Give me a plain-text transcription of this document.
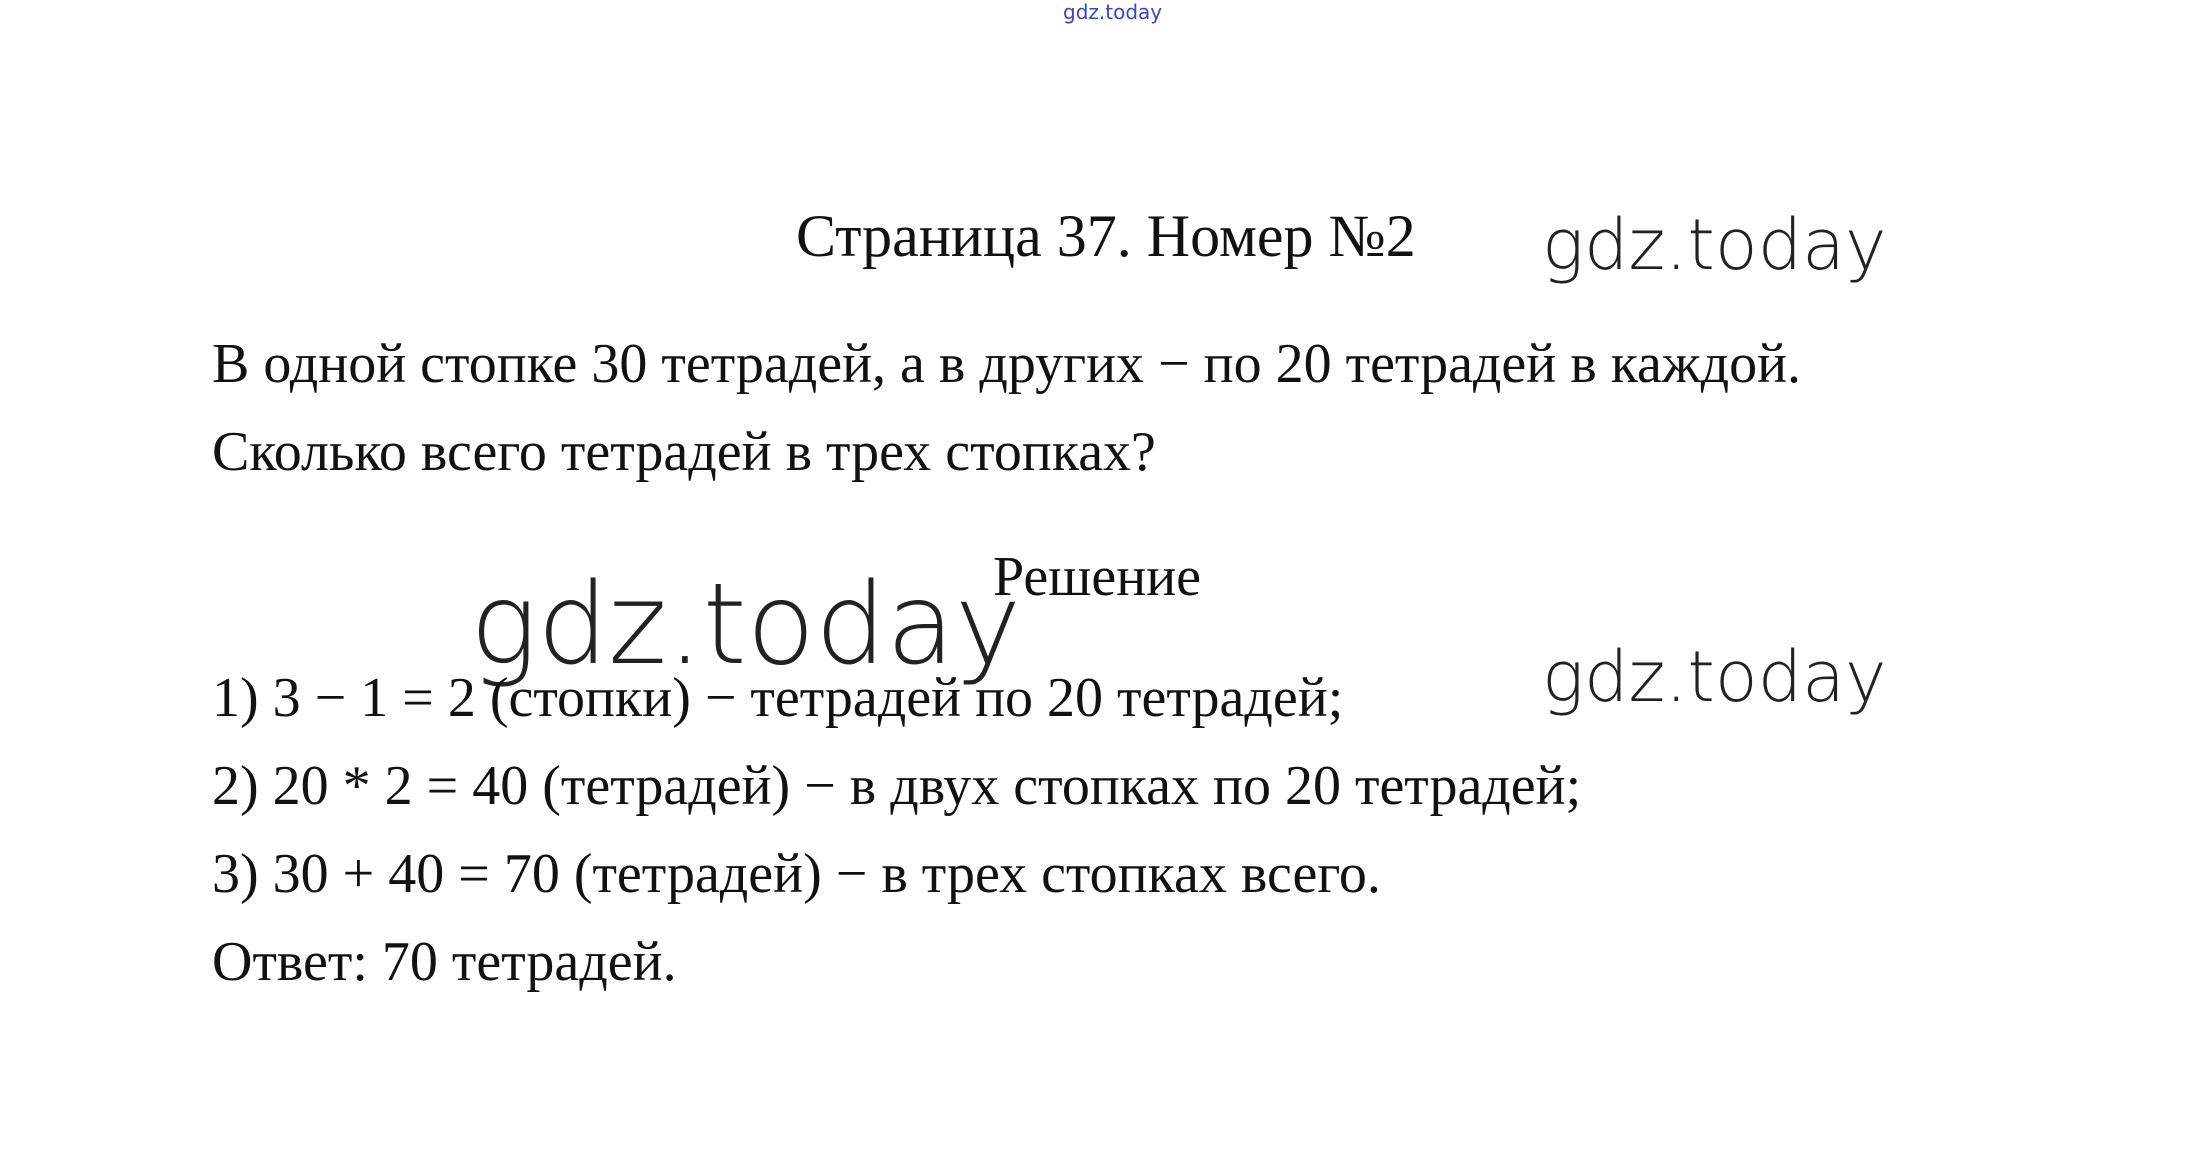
gdz.today
Страница 37. Номер №2 gdz.today
В одной стопке 30 тетрадей, а в других − по 20 тетрадей в каждой.
Сколько всего тетрадей в трех стопках?
gdz.today
Решение
gdz.today
1) 3 − 1 = 2 (стопки) − тетрадей по 20 тетрадей;
2) 20 * 2 = 40 (тетрадей) − в двух стопках по 20 тетрадей;
3) 30 + 40 = 70 (тетрадей) − в трех стопках всего.
Ответ: 70 тетрадей.
